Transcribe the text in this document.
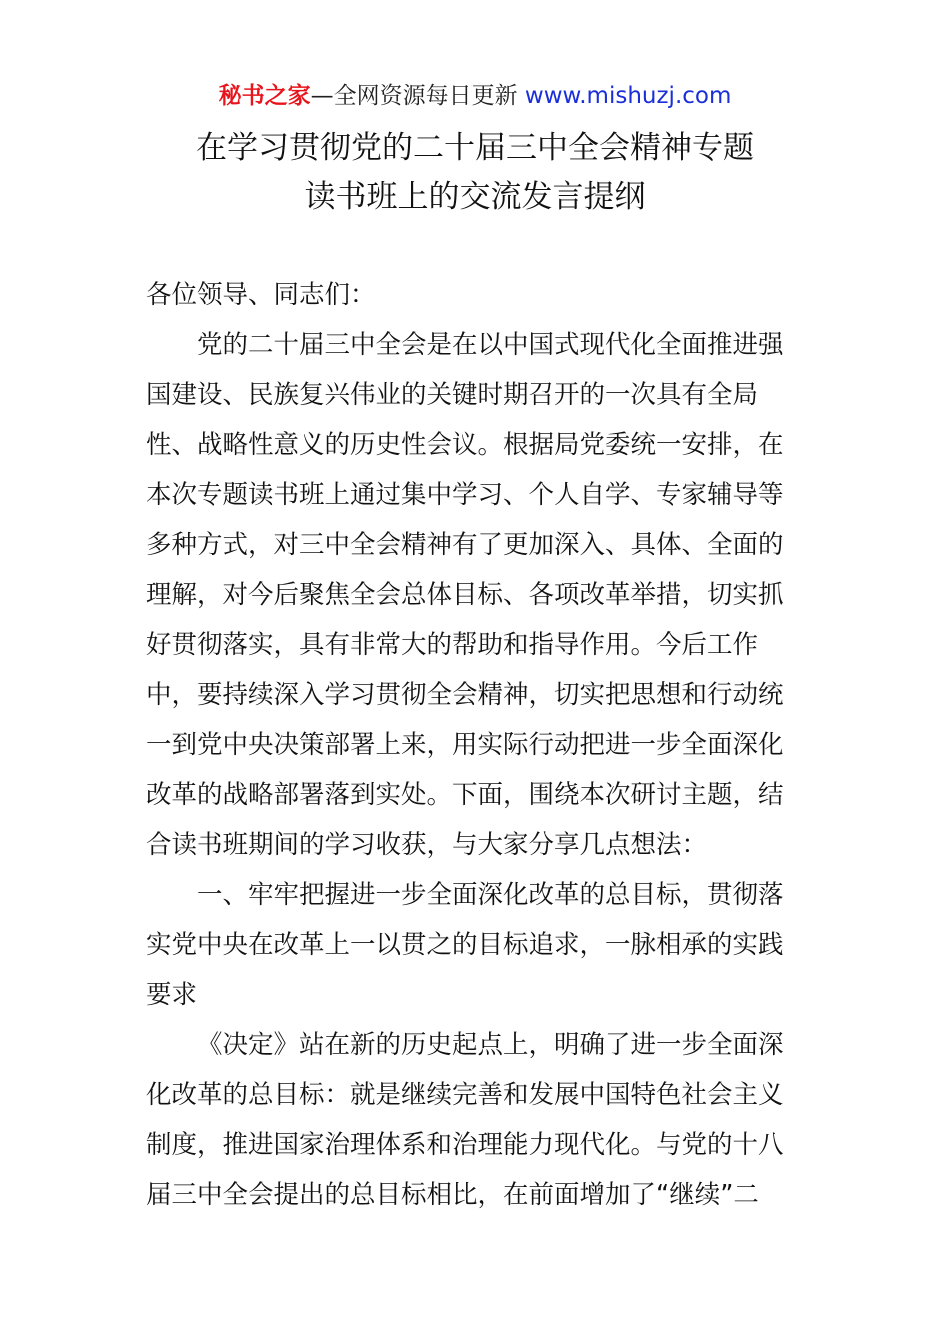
秘书之家—全网资源每日更新 www.mishuzj.com
在学习贯彻党的二十届三中全会精神专题
读书班上的交流发言提纲
各位领导、同志们：
党的二十届三中全会是在以中国式现代化全面推进强
国建设、民族复兴伟业的关键时期召开的一次具有全局
性、战略性意义的历史性会议。根据局党委统一安排，在
本次专题读书班上通过集中学习、个人自学、专家辅导等
多种方式，对三中全会精神有了更加深入、具体、全面的
理解，对今后聚焦全会总体目标、各项改革举措，切实抓
好贯彻落实，具有非常大的帮助和指导作用。今后工作
中，要持续深入学习贯彻全会精神，切实把思想和行动统
一到党中央决策部署上来，用实际行动把进一步全面深化
改革的战略部署落到实处。下面，围绕本次研讨主题，结
合读书班期间的学习收获，与大家分享几点想法：
一、牢牢把握进一步全面深化改革的总目标，贯彻落
实党中央在改革上一以贯之的目标追求，一脉相承的实践
要求
《决定》站在新的历史起点上，明确了进一步全面深
化改革的总目标：就是继续完善和发展中国特色社会主义
制度，推进国家治理体系和治理能力现代化。与党的十八
届三中全会提出的总目标相比，在前面增加了“继续”二
